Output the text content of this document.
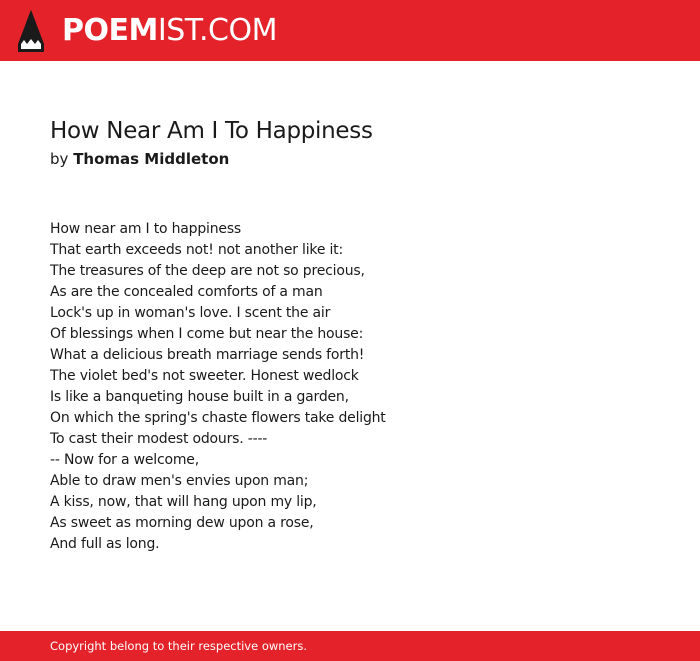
POEMIST.COM
How Near Am I To Happiness
by Thomas Middleton
How near am I to happiness
That earth exceeds not! not another like it:
The treasures of the deep are not so precious,
As are the concealed comforts of a man
Lock's up in woman's love. I scent the air
Of blessings when I come but near the house:
What a delicious breath marriage sends forth!
The violet bed's not sweeter. Honest wedlock
Is like a banqueting house built in a garden,
On which the spring's chaste flowers take delight
To cast their modest odours. ----
-- Now for a welcome,
Able to draw men's envies upon man;
A kiss, now, that will hang upon my lip,
As sweet as morning dew upon a rose,
And full as long.
Copyright belong to their respective owners.
